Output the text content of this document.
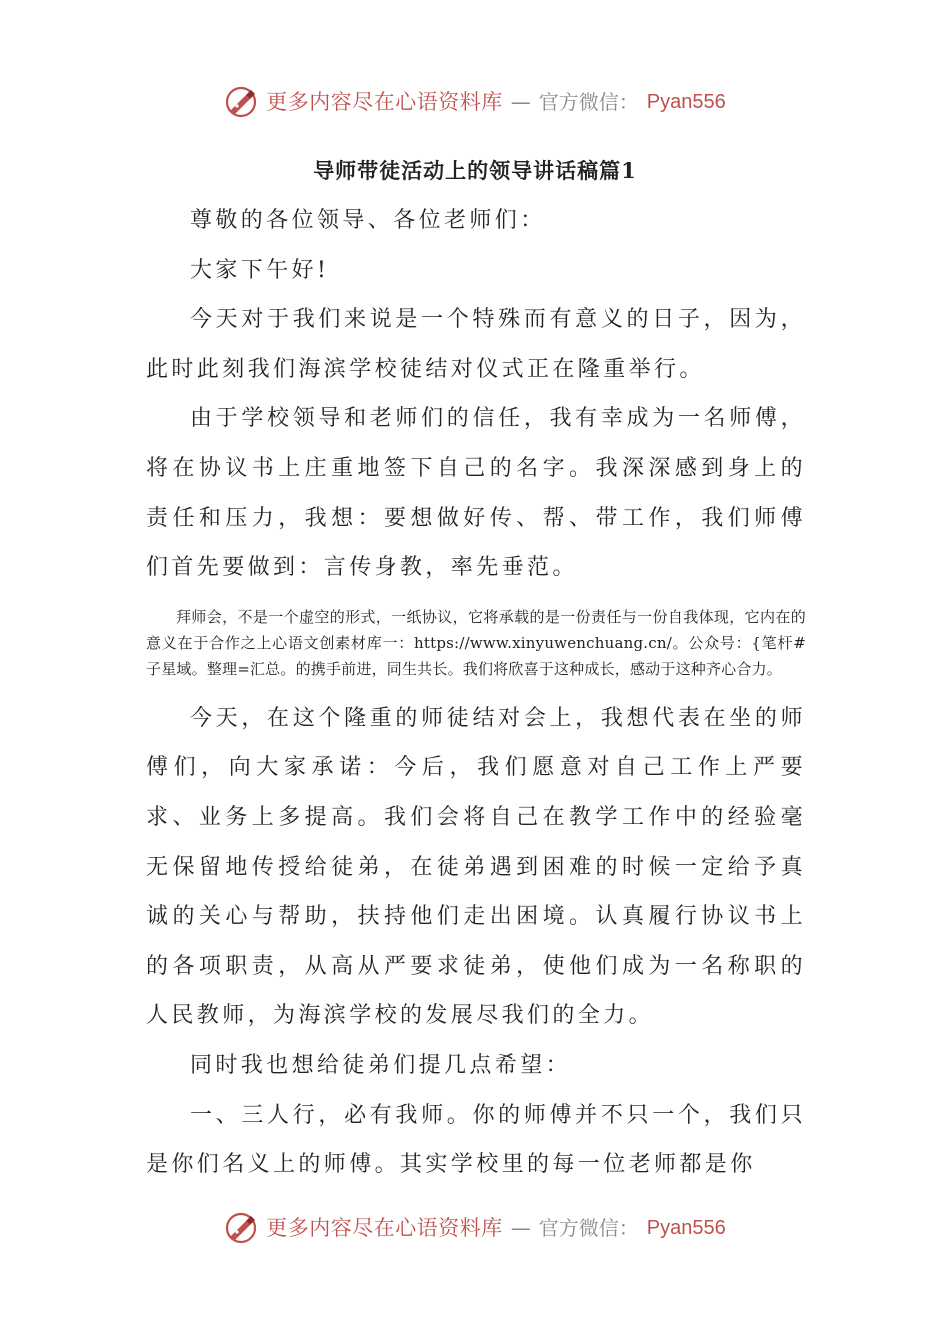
更多内容尽在心语资料库 — 官方微信： Pyan556
导师带徒活动上的领导讲话稿篇1

尊敬的各位领导、各位老师们：

大家下午好!

今天对于我们来说是一个特殊而有意义的日子，因为，此时此刻我们海滨学校徒结对仪式正在隆重举行。

由于学校领导和老师们的信任，我有幸成为一名师傅，将在协议书上庄重地签下自己的名字。我深深感到身上的责任和压力，我想：要想做好传、帮、带工作，我们师傅们首先要做到：言传身教，率先垂范。

拜师会，不是一个虚空的形式，一纸协议，它将承载的是一份责任与一份自我体现，它内在的意义在于合作之上心语文创素材库一：https://www.xinyuwenchuang.cn/。公众号：{笔杆#子星域。整理=汇总。的携手前进，同生共长。我们将欣喜于这种成长，感动于这种齐心合力。

今天，在这个隆重的师徒结对会上，我想代表在坐的师傅们，向大家承诺：今后，我们愿意对自己工作上严要求、业务上多提高。我们会将自己在教学工作中的经验毫无保留地传授给徒弟，在徒弟遇到困难的时候一定给予真诚的关心与帮助，扶持他们走出困境。认真履行协议书上的各项职责，从高从严要求徒弟，使他们成为一名称职的人民教师，为海滨学校的发展尽我们的全力。

同时我也想给徒弟们提几点希望：

一、三人行，必有我师。你的师傅并不只一个，我们只是你们名义上的师傅。其实学校里的每一位老师都是你

更多内容尽在心语资料库 — 官方微信： Pyan556
